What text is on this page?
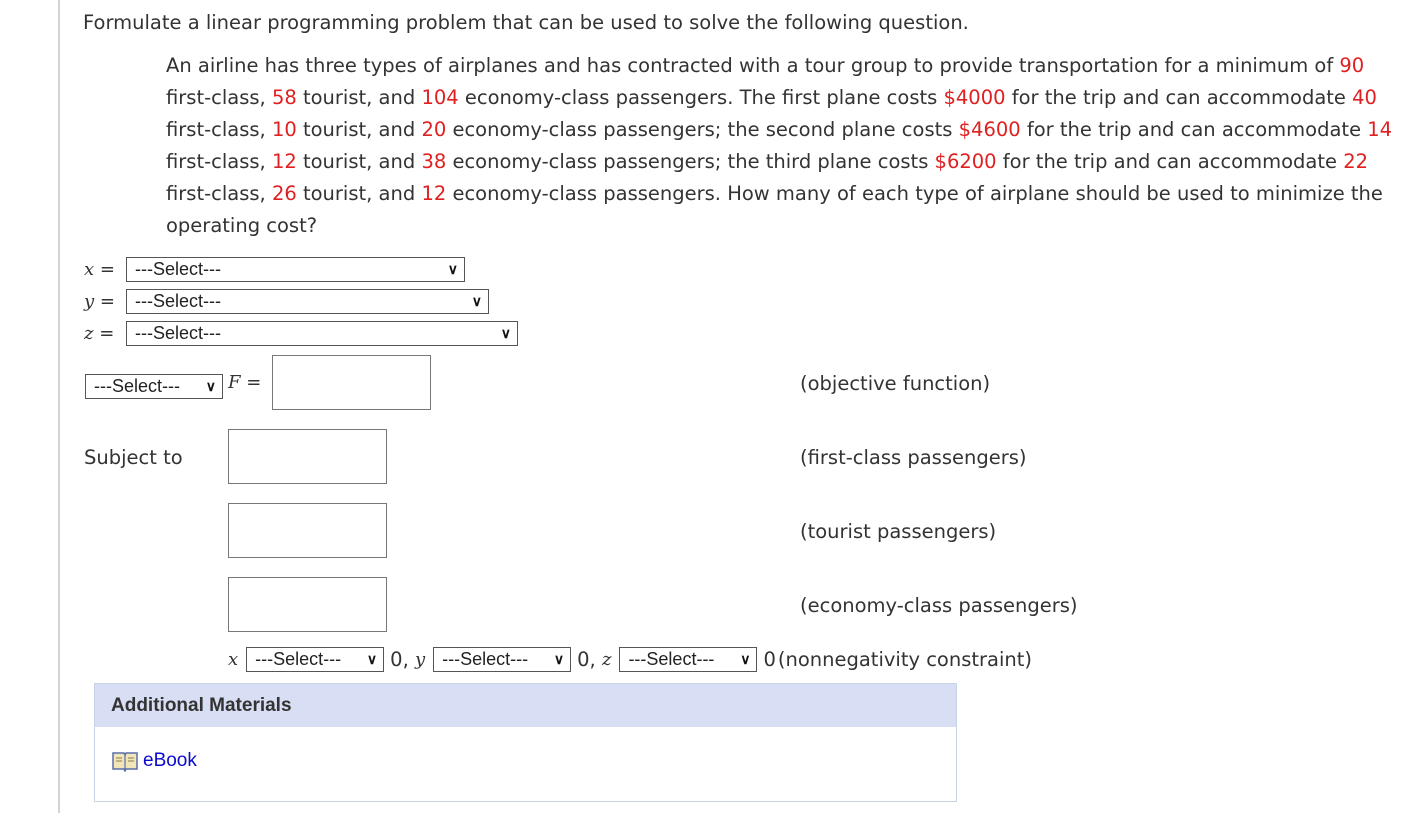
Formulate a linear programming problem that can be used to solve the following question.
An airline has three types of airplanes and has contracted with a tour group to provide transportation for a minimum of 90 first-class, 58 tourist, and 104 economy-class passengers. The first plane costs $4000 for the trip and can accommodate 40 first-class, 10 tourist, and 20 economy-class passengers; the second plane costs $4600 for the trip and can accommodate 14 first-class, 12 tourist, and 38 economy-class passengers; the third plane costs $6200 for the trip and can accommodate 22 first-class, 26 tourist, and 12 economy-class passengers. How many of each type of airplane should be used to minimize the operating cost?
x =	---Select---	∨
y =	---Select---	∨
z =	---Select---	∨
---Select--- ∨ F =	(objective function)
Subject to	(first-class passengers)
(tourist passengers)
(economy-class passengers)
x ---Select--- ∨ 0,
y ---Select--- ∨ 0,
z ---Select--- ∨ 0 (nonnegativity constraint)
Additional Materials
eBook
